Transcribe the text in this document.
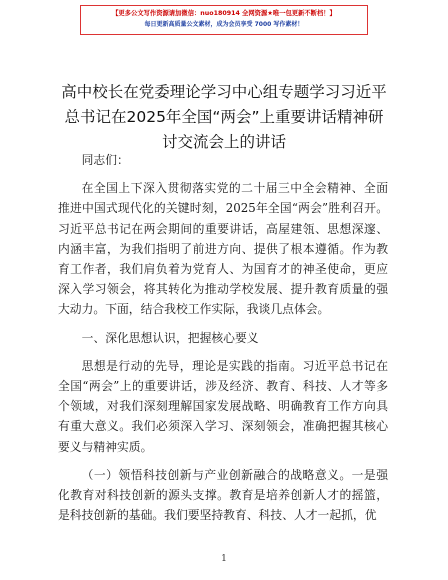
【更多公文写作资源请加微信：nuo180914 全网资源★唯一包更新不断档！】
每日更新高质量公文素材，成为会员享受 7000 写作素材！
高中校长在党委理论学习中心组专题学习习近平总书记在2025年全国“两会”上重要讲话精神研讨交流会上的讲话

同志们：

在全国上下深入贯彻落实党的二十届三中全会精神、全面推进中国式现代化的关键时刻，2025年全国“两会”胜利召开。习近平总书记在两会期间的重要讲话，高屋建瓴、思想深邃、内涵丰富，为我们指明了前进方向、提供了根本遵循。作为教育工作者，我们肩负着为党育人、为国育才的神圣使命，更应深入学习领会，将其转化为推动学校发展、提升教育质量的强大动力。下面，结合我校工作实际，我谈几点体会。

一、深化思想认识，把握核心要义

思想是行动的先导，理论是实践的指南。习近平总书记在全国“两会”上的重要讲话，涉及经济、教育、科技、人才等多个领域，对我们深刻理解国家发展战略、明确教育工作方向具有重大意义。我们必须深入学习、深刻领会，准确把握其核心要义与精神实质。

（一）领悟科技创新与产业创新融合的战略意义。一是强化教育对科技创新的源头支撑。教育是培养创新人才的摇篮，是科技创新的基础。我们要坚持教育、科技、人才一起抓，优

1
